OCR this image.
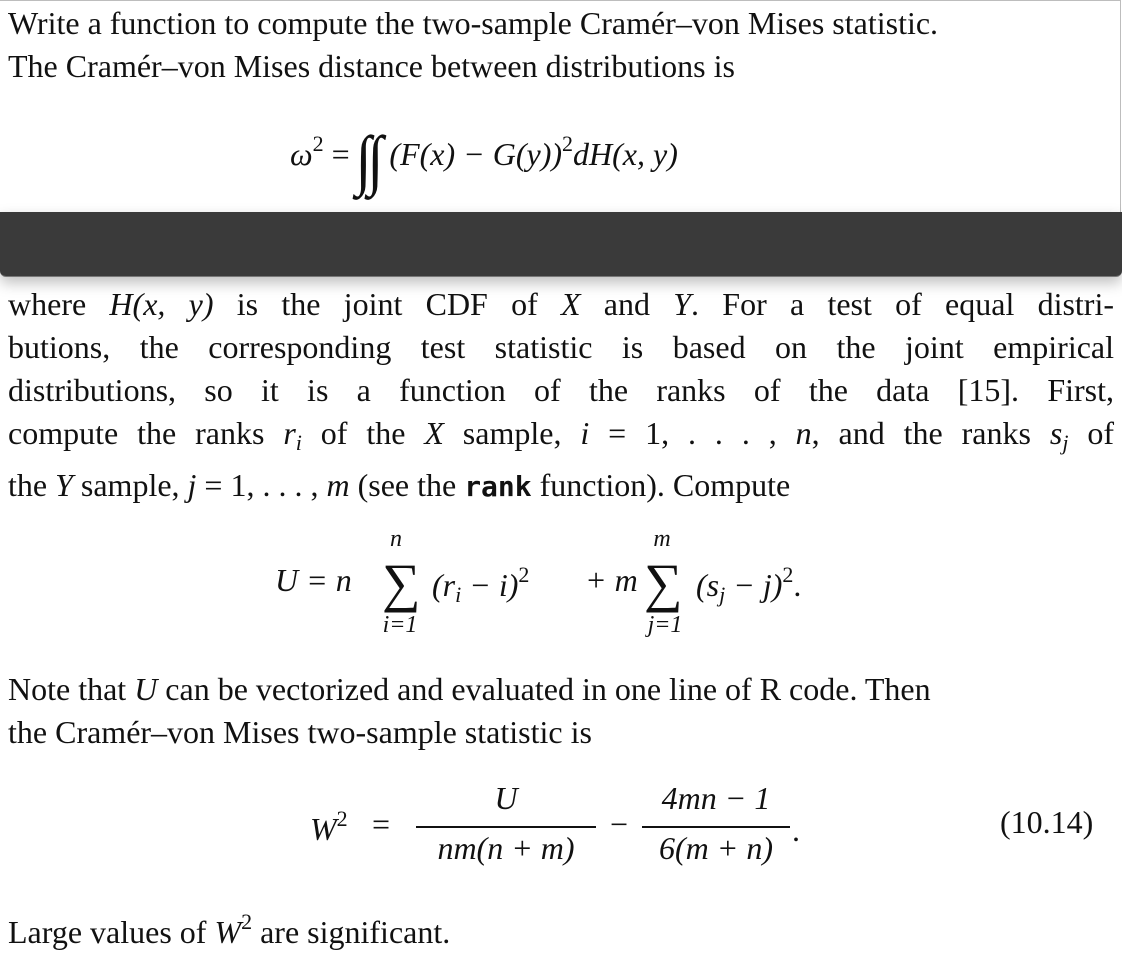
Write a function to compute the two-sample Cramér–von Mises statistic.
The Cramér–von Mises distance between distributions is

$\omega^2$ = ∫∫ $(F(x) - G(y))^2dH(x$, y)
where H(x, y) is the joint CDF of X and Y. For a test of equal distri-
butions, the corresponding test statistic is based on the joint empirical
distributions, so it is a function of the ranks of the data [15]. First,
compute the ranks $r_i$ of the X sample, i = 1, . . . , n, and the ranks $s_j$ of
the Y sample, j = 1, . . . , m (see the rank function). Compute
U = n
n
∑
i=1
$(r_i - i)^2 + m$
m
∑
j=1
$(s_j - j)^2$.
Note that U can be vectorized and evaluated in one line of R code. Then
the Cramér–von Mises two-sample statistic is
$W^2$ =
U
nm(n + m)
−
4mn − 1
6(m + n) .	(10.14)
Large values of $W^2$ are significant.
